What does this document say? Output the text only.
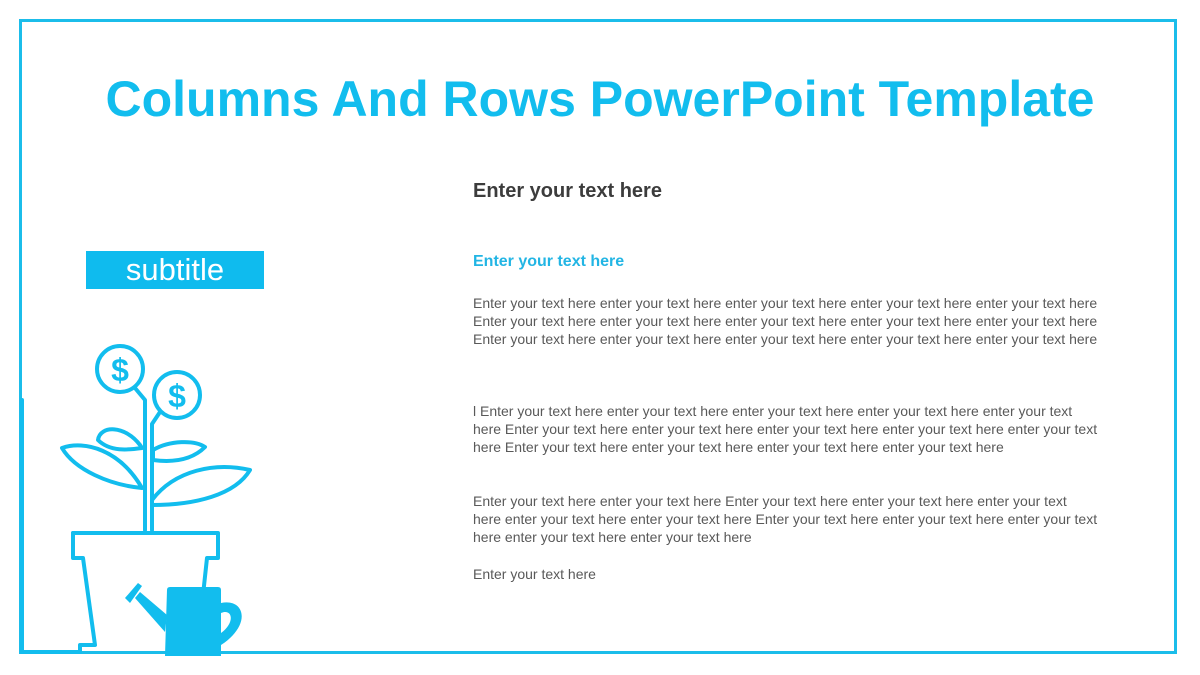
Columns And Rows PowerPoint Template
subtitle
Enter your text here
Enter your text here
Enter your text here enter your text here enter your text here enter your text here enter your text here Enter your text here enter your text here enter your text here enter your text here enter your text here Enter your text here enter your text here enter your text here enter your text here enter your text here
l Enter your text here enter your text here enter your text here enter your text here enter your text here Enter your text here enter your text here enter your text here enter your text here enter your text here Enter your text here enter your text here enter your text here enter your text here
Enter your text here enter your text here Enter your text here enter your text here enter your text here enter your text here enter your text here Enter your text here enter your text here enter your text here enter your text here enter your text here
Enter your text here
$
$
